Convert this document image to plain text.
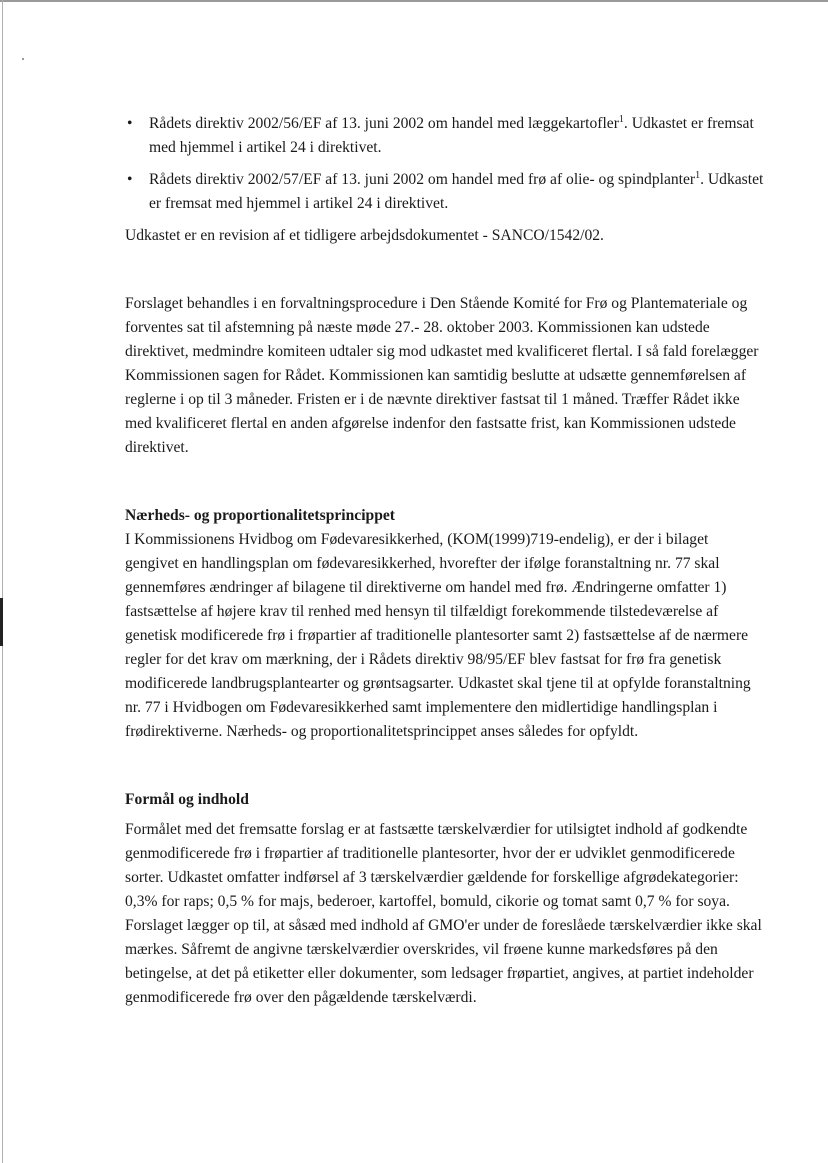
• Rådets direktiv 2002/56/EF af 13. juni 2002 om handel med læggekartofler$^1$. Udkastet er fremsat med hjemmel i artikel 24 i direktivet.
• Rådets direktiv 2002/57/EF af 13. juni 2002 om handel med frø af olie- og spindplanter$^1$. Udkastet er fremsat med hjemmel i artikel 24 i direktivet.

Udkastet er en revision af et tidligere arbejdsdokumentet - SANCO/1542/02.

Forslaget behandles i en forvaltningsprocedure i Den Stående Komité for Frø og Plantemateriale og forventes sat til afstemning på næste møde 27.- 28. oktober 2003. Kommissionen kan udstede direktivet, medmindre komiteen udtaler sig mod udkastet med kvalificeret flertal. I så fald forelægger Kommissionen sagen for Rådet. Kommissionen kan samtidig beslutte at udsætte gennemførelsen af reglerne i op til 3 måneder. Fristen er i de nævnte direktiver fastsat til 1 måned. Træffer Rådet ikke med kvalificeret flertal en anden afgørelse indenfor den fastsatte frist, kan Kommissionen udstede direktivet.

Nærheds- og proportionalitetsprincippet

I Kommissionens Hvidbog om Fødevaresikkerhed, (KOM(1999)719-endelig), er der i bilaget gengivet en handlingsplan om fødevaresikkerhed, hvorefter der ifølge foranstaltning nr. 77 skal gennemføres ændringer af bilagene til direktiverne om handel med frø. Ændringerne omfatter 1) fastsættelse af højere krav til renhed med hensyn til tilfældigt forekommende tilstedeværelse af genetisk modificerede frø i frøpartier af traditionelle plantesorter samt 2) fastsættelse af de nærmere regler for det krav om mærkning, der i Rådets direktiv 98/95/EF blev fastsat for frø fra genetisk modificerede landbrugsplantearter og grøntsagsarter. Udkastet skal tjene til at opfylde foranstaltning nr. 77 i Hvidbogen om Fødevaresikkerhed samt implementere den midlertidige handlingsplan i frødirektiverne. Nærheds- og proportionalitetsprincippet anses således for opfyldt.

Formål og indhold

Formålet med det fremsatte forslag er at fastsætte tærskelværdier for utilsigtet indhold af godkendte genmodificerede frø i frøpartier af traditionelle plantesorter, hvor der er udviklet genmodificerede sorter. Udkastet omfatter indførsel af 3 tærskelværdier gældende for forskellige afgrødekategorier: 0,3% for raps; 0,5 % for majs, bederoer, kartoffel, bomuld, cikorie og tomat samt 0,7 % for soya. Forslaget lægger op til, at såsæd med indhold af GMO'er under de foreslåede tærskelværdier ikke skal mærkes. Såfremt de angivne tærskelværdier overskrides, vil frøene kunne markedsføres på den betingelse, at det på etiketter eller dokumenter, som ledsager frøpartiet, angives, at partiet indeholder genmodificerede frø over den pågældende tærskelværdi.
